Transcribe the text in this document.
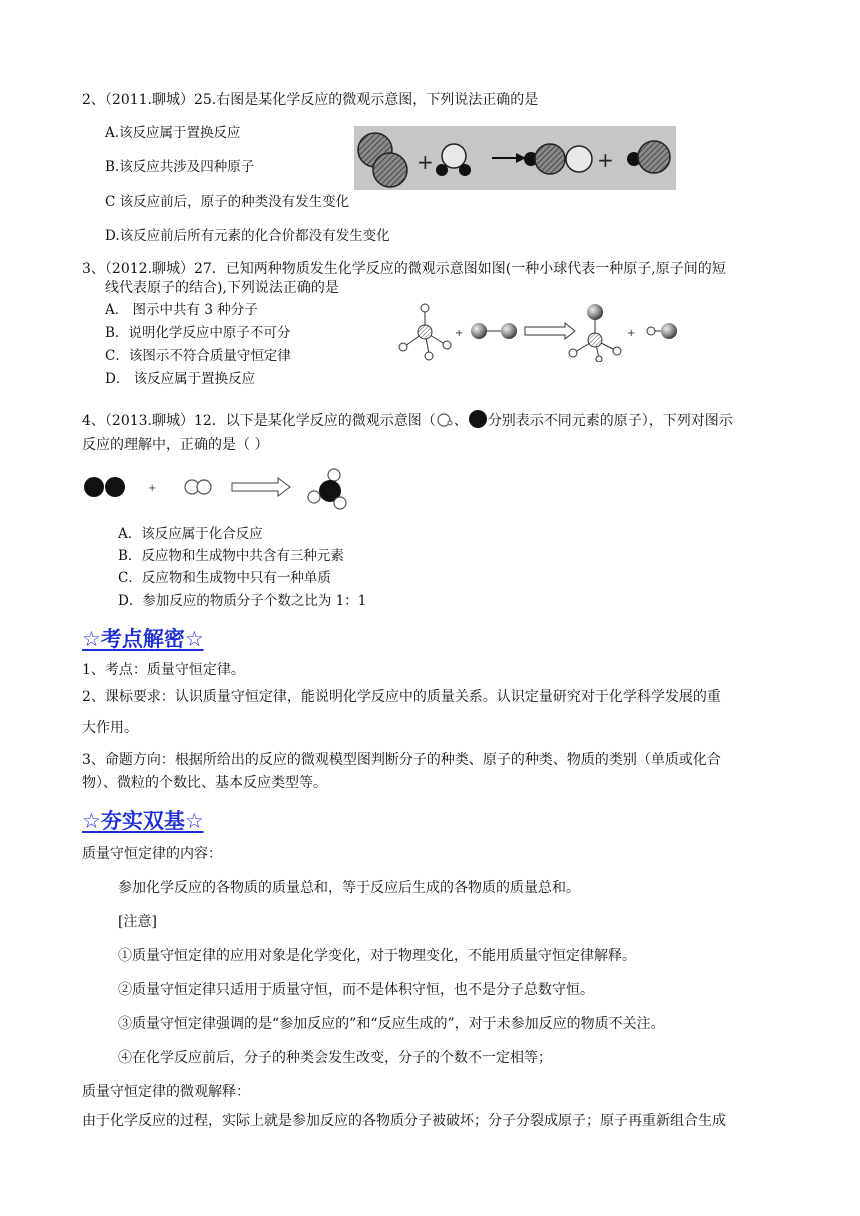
2、（2011.聊城）25.右图是某化学反应的微观示意图，下列说法正确的是
A.该反应属于置换反应
B.该反应共涉及四种原子
C 该反应前后，原子的种类没有发生变化
D.该反应前后所有元素的化合价都没有发生变化
+	+
3、（2012.聊城）27．已知两种物质发生化学反应的微观示意图如图(一种小球代表一种原子,原子间的短
线代表原子的结合),下列说法正确的是
A． 图示中共有 3 种分子
B．说明化学反应中原子不可分
C．该图示不符合质量守恒定律
D． 该反应属于置换反应
+	+
4、（2013.聊城）12．以下是某化学反应的微观示意图（ 、 分别表示不同元素的原子），下列对图示
反应的理解中，正确的是（ ）
+
A．该反应属于化合反应
B．反应物和生成物中共含有三种元素
C．反应物和生成物中只有一种单质
D．参加反应的物质分子个数之比为 1：1
☆考点解密☆
1、考点：质量守恒定律。
2、课标要求：认识质量守恒定律，能说明化学反应中的质量关系。认识定量研究对于化学科学发展的重
大作用。
3、命题方向：根据所给出的反应的微观模型图判断分子的种类、原子的种类、物质的类别（单质或化合
物）、微粒的个数比、基本反应类型等。
☆夯实双基☆
质量守恒定律的内容：
参加化学反应的各物质的质量总和，等于反应后生成的各物质的质量总和。
[注意]
①质量守恒定律的应用对象是化学变化，对于物理变化，不能用质量守恒定律解释。
②质量守恒定律只适用于质量守恒，而不是体积守恒，也不是分子总数守恒。
③质量守恒定律强调的是“参加反应的”和“反应生成的”，对于未参加反应的物质不关注。
④在化学反应前后，分子的种类会发生改变，分子的个数不一定相等；
质量守恒定律的微观解释：
由于化学反应的过程，实际上就是参加反应的各物质分子被破坏；分子分裂成原子；原子再重新组合生成
